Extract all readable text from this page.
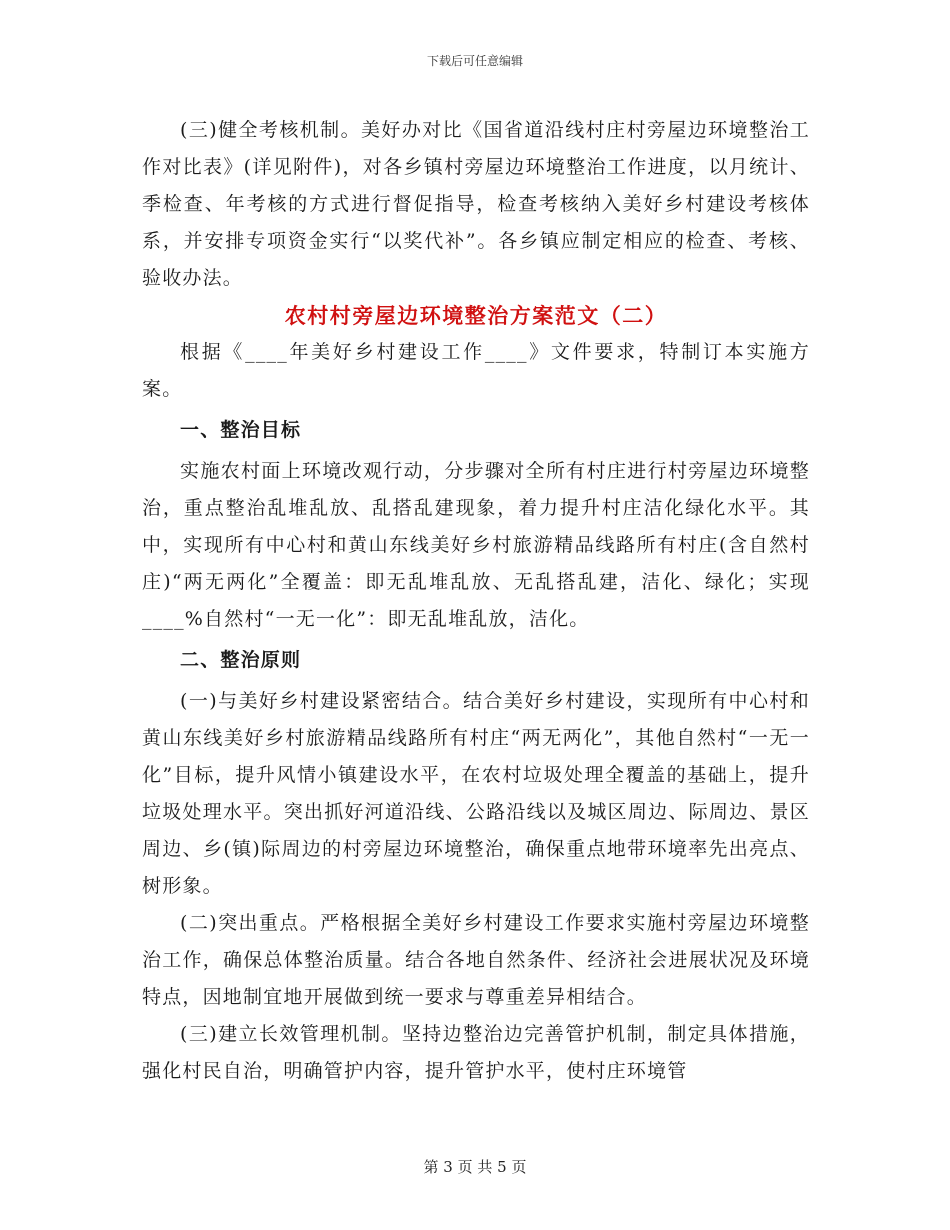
下载后可任意编辑

(三)健全考核机制。美好办对比《国省道沿线村庄村旁屋边环境整治工作对比表》(详见附件)，对各乡镇村旁屋边环境整治工作进度，以月统计、季检查、年考核的方式进行督促指导，检查考核纳入美好乡村建设考核体系，并安排专项资金实行“以奖代补”。各乡镇应制定相应的检查、考核、验收办法。

农村村旁屋边环境整治方案范文（二）

根据《____年美好乡村建设工作____》文件要求，特制订本实施方案。

一、整治目标

实施农村面上环境改观行动，分步骤对全所有村庄进行村旁屋边环境整治，重点整治乱堆乱放、乱搭乱建现象，着力提升村庄洁化绿化水平。其中，实现所有中心村和黄山东线美好乡村旅游精品线路所有村庄(含自然村庄)“两无两化”全覆盖：即无乱堆乱放、无乱搭乱建，洁化、绿化；实现____%自然村“一无一化”：即无乱堆乱放，洁化。

二、整治原则

(一)与美好乡村建设紧密结合。结合美好乡村建设，实现所有中心村和黄山东线美好乡村旅游精品线路所有村庄“两无两化”，其他自然村“一无一化”目标，提升风情小镇建设水平，在农村垃圾处理全覆盖的基础上，提升垃圾处理水平。突出抓好河道沿线、公路沿线以及城区周边、际周边、景区周边、乡(镇)际周边的村旁屋边环境整治，确保重点地带环境率先出亮点、树形象。

(二)突出重点。严格根据全美好乡村建设工作要求实施村旁屋边环境整治工作，确保总体整治质量。结合各地自然条件、经济社会进展状况及环境特点，因地制宜地开展做到统一要求与尊重差异相结合。

(三)建立长效管理机制。坚持边整治边完善管护机制，制定具体措施，强化村民自治，明确管护内容，提升管护水平，使村庄环境管

第 3 页 共 5 页
